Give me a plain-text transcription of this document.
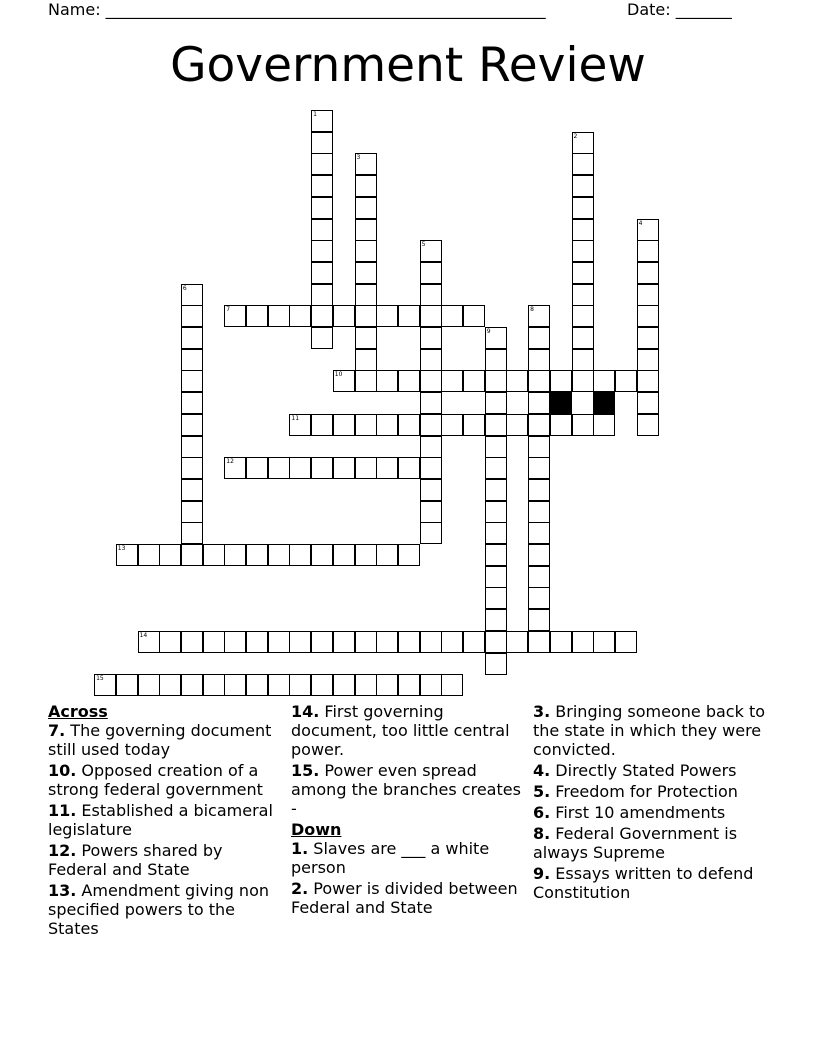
Name: _______________________________________________________	Date: _______
Government Review
7
10
11
12
13
14
15
1
2
3
4
5
6
8
9
Across
7. The governing document still used today
10. Opposed creation of a strong federal government
11. Established a bicameral legislature
12. Powers shared by Federal and State
13. Amendment giving non specified powers to the States
14. First governing document, too little central power.
15. Power even spread among the branches creates -
Down
1. Slaves are ___ a white person
2. Power is divided between Federal and State
3. Bringing someone back to the state in which they were convicted.
4. Directly Stated Powers
5. Freedom for Protection
6. First 10 amendments
8. Federal Government is always Supreme
9. Essays written to defend Constitution
